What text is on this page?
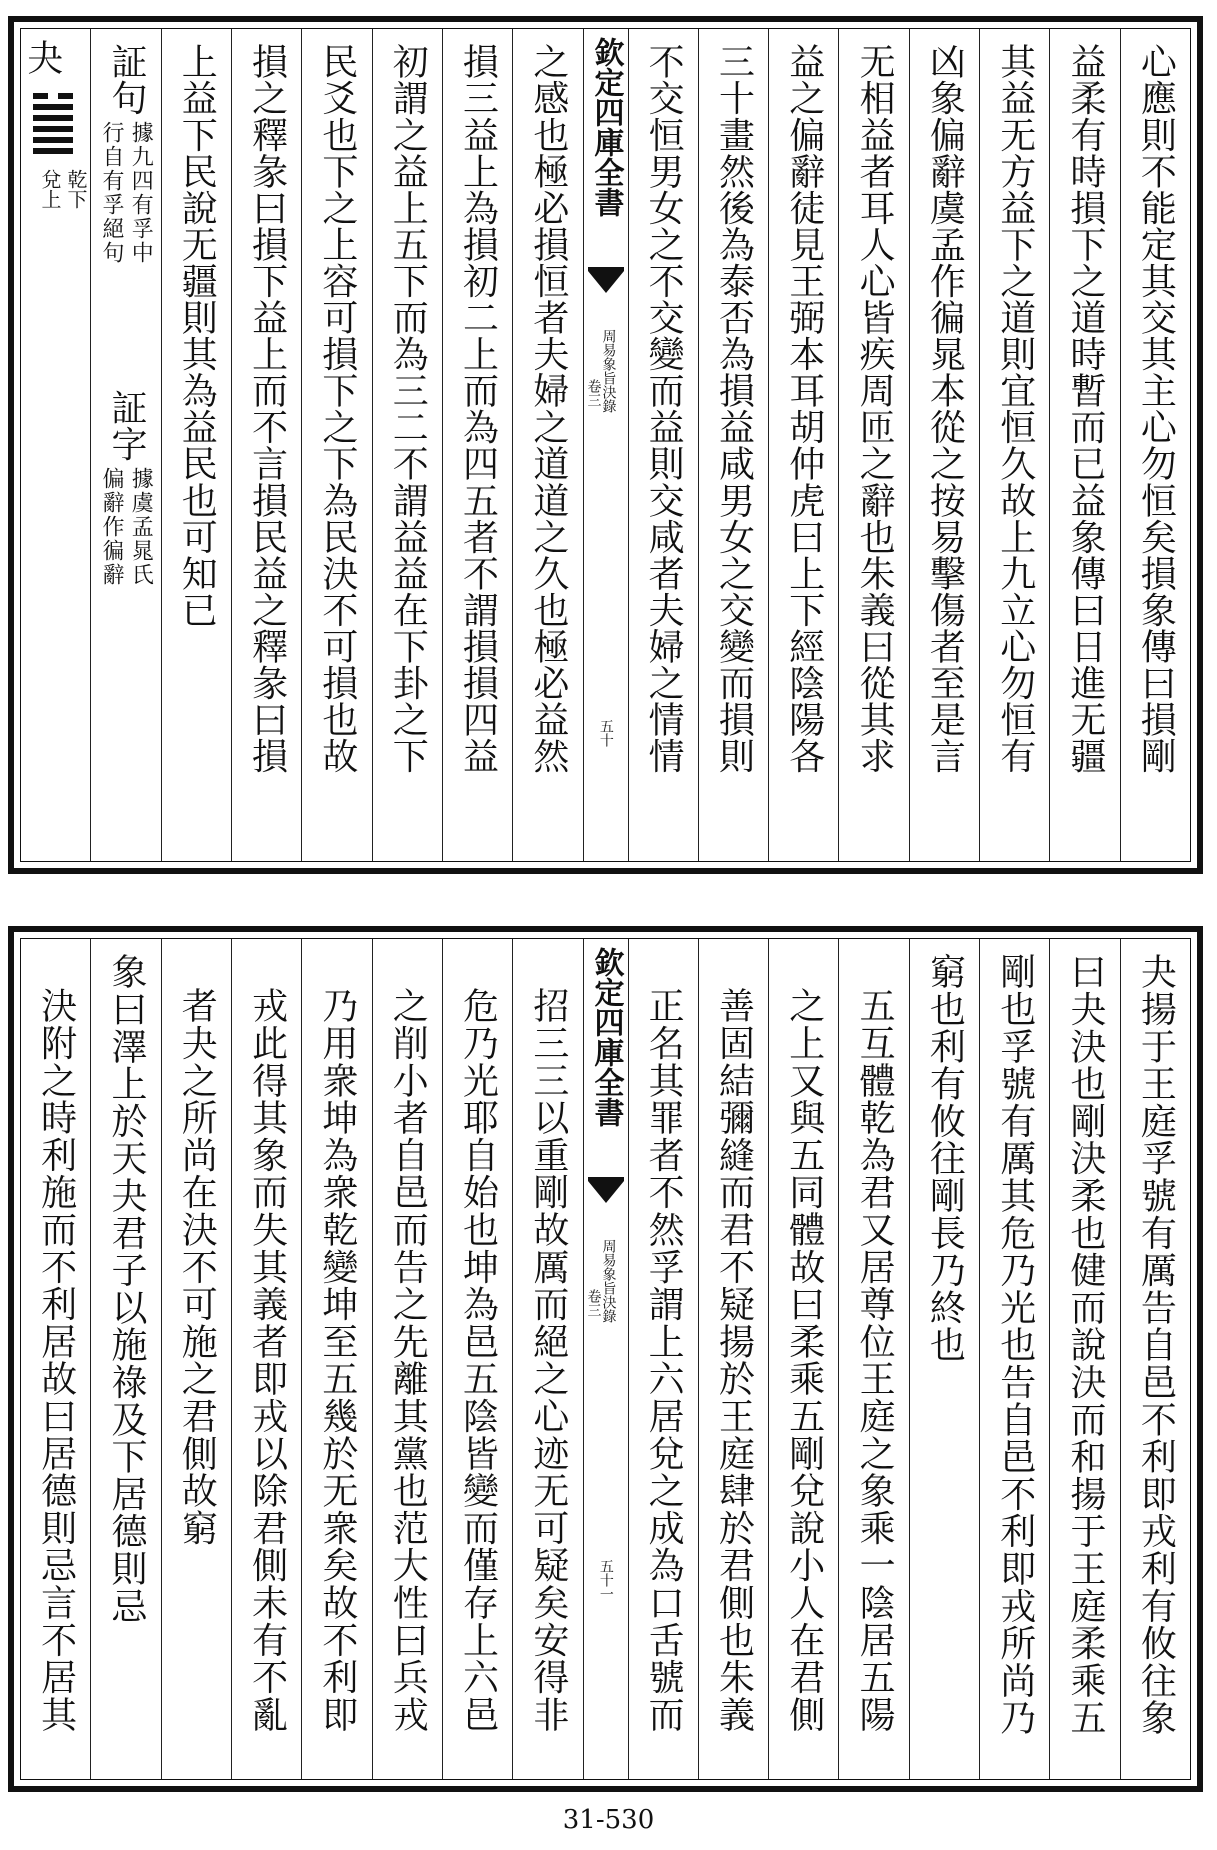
心應則不能定其交其主心勿恒矣損象傳曰損剛
益柔有時損下之道時暫而已益象傳曰日進无疆
其益无方益下之道則宜恒久故上九立心勿恒有
凶象偏辭虞孟作徧晁本從之按易擊傷者至是言
无相益者耳人心皆疾周匝之辭也朱義曰從其求
益之偏辭徒見王弼本耳胡仲虎曰上下經陰陽各
三十畫然後為泰否為損益咸男女之交變而損則
不交恒男女之不交變而益則交咸者夫婦之情情
欽定四庫全書
周易象旨決錄
卷三
五十
之感也極必損恒者夫婦之道道之久也極必益然
損三益上為損初二上而為四五者不謂損損四益
初謂之益上五下而為三二不謂益益在下卦之下
民爻也下之上容可損下之下為民決不可損也故
損之釋彖曰損下益上而不言損民益之釋彖曰損
上益下民說无疆則其為益民也可知已
証句
據九四有孚中
行自有孚絕句
証字
據虞孟晁氏
偏辭作徧辭
夬
乾下
兌上
夬揚于王庭孚號有厲告自邑不利即戎利有攸往象
曰夬決也剛決柔也健而說決而和揚于王庭柔乘五
剛也孚號有厲其危乃光也告自邑不利即戎所尚乃
窮也利有攸往剛長乃終也
五互體乾為君又居尊位王庭之象乘一陰居五陽
之上又與五同體故曰柔乘五剛兌說小人在君側
善固結彌縫而君不疑揚於王庭肆於君側也朱義
正名其罪者不然孚謂上六居兌之成為口舌號而
欽定四庫全書
周易象旨決錄
卷三
五十一
招三三以重剛故厲而絕之心迹无可疑矣安得非
危乃光耶自始也坤為邑五陰皆變而僅存上六邑
之削小者自邑而告之先離其黨也范大性曰兵戎
乃用衆坤為衆乾變坤至五幾於无衆矣故不利即
戎此得其象而失其義者即戎以除君側未有不亂
者夬之所尚在決不可施之君側故窮
象曰澤上於天夬君子以施祿及下居德則忌
決附之時利施而不利居故曰居德則忌言不居其
31-530
